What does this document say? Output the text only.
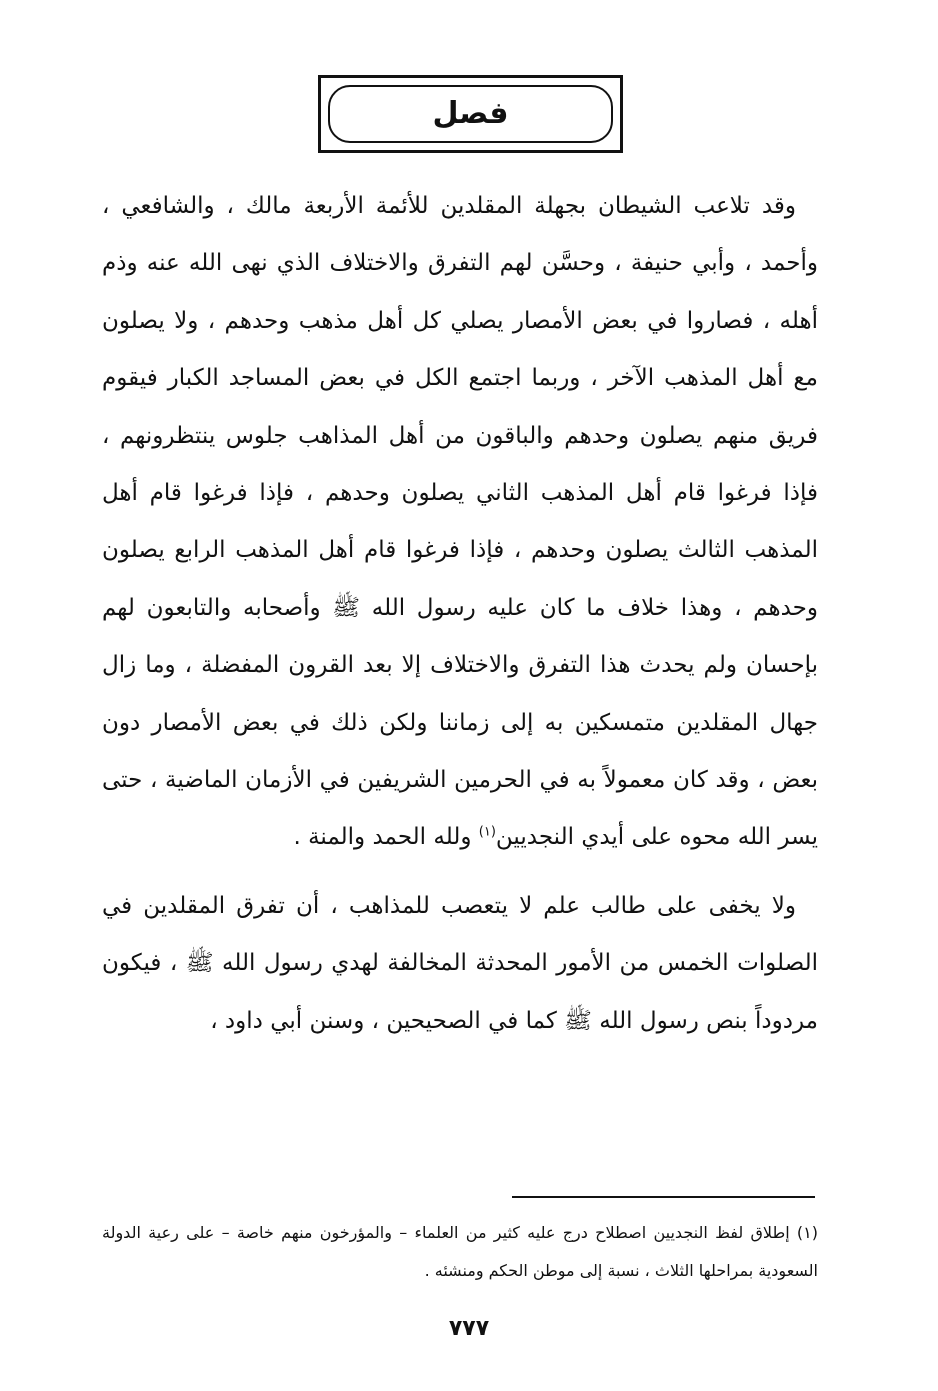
فصل

وقد تلاعب الشيطان بجهلة المقلدين للأئمة الأربعة مالك ، والشافعي ، وأحمد ، وأبي حنيفة ، وحسَّن لهم التفرق والاختلاف الذي نهى الله عنه وذم أهله ، فصاروا في بعض الأمصار يصلي كل أهل مذهب وحدهم ، ولا يصلون مع أهل المذهب الآخر ، وربما اجتمع الكل في بعض المساجد الكبار فيقوم فريق منهم يصلون وحدهم والباقون من أهل المذاهب جلوس ينتظرونهم ، فإذا فرغوا قام أهل المذهب الثاني يصلون وحدهم ، فإذا فرغوا قام أهل المذهب الثالث يصلون وحدهم ، فإذا فرغوا قام أهل المذهب الرابع يصلون وحدهم ، وهذا خلاف ما كان عليه رسول الله ﷺ وأصحابه والتابعون لهم بإحسان ولم يحدث هذا التفرق والاختلاف إلا بعد القرون المفضلة ، وما زال جهال المقلدين متمسكين به إلى زماننا ولكن ذلك في بعض الأمصار دون بعض ، وقد كان معمولاً به في الحرمين الشريفين في الأزمان الماضية ، حتى يسر الله محوه على أيدي النجديين$^{(١)}$ ولله الحمد والمنة .

ولا يخفى على طالب علم لا يتعصب للمذاهب ، أن تفرق المقلدين في الصلوات الخمس من الأمور المحدثة المخالفة لهدي رسول الله ﷺ ، فيكون مردوداً بنص رسول الله ﷺ كما في الصحيحين ، وسنن أبي داود ،

(١) إطلاق لفظ النجديين اصطلاح درج عليه كثير من العلماء – والمؤرخون منهم خاصة – على رعية الدولة السعودية بمراحلها الثلاث ، نسبة إلى موطن الحكم ومنشئه .
٧٧٧
